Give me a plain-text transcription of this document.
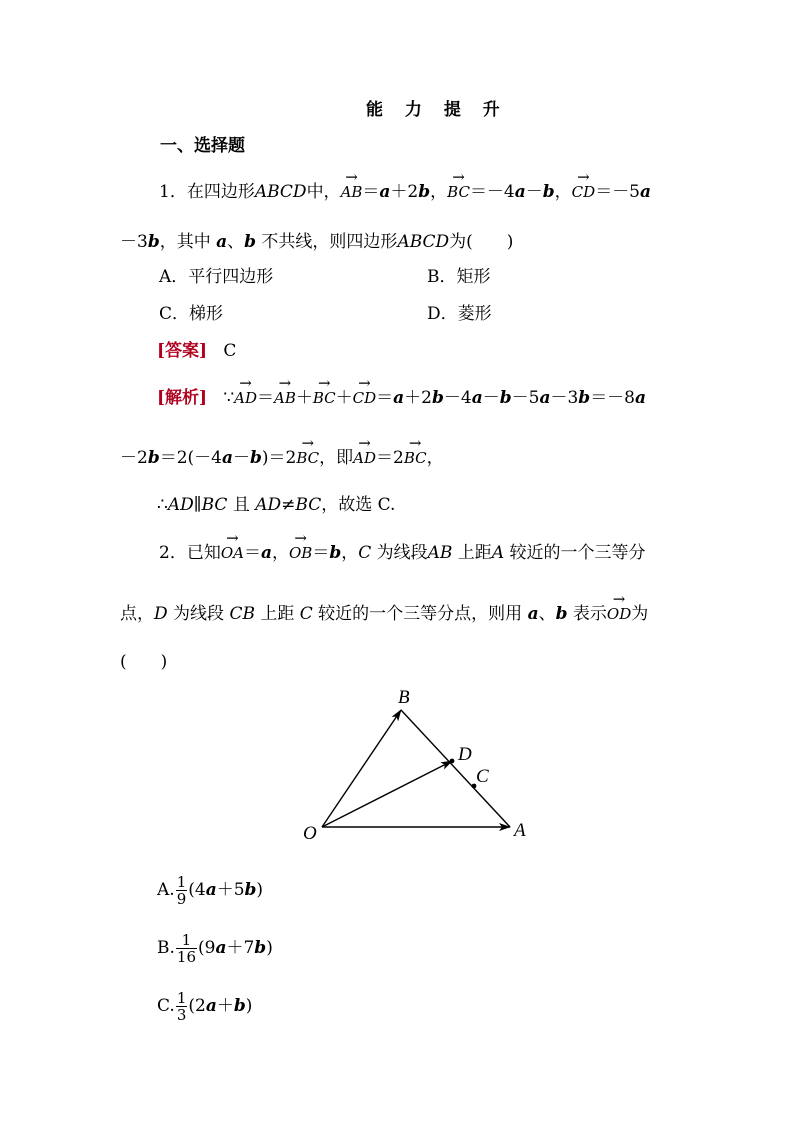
能 力 提 升
一、选择题
1．在四边形ABCD中，→ AB＝a＋2b，→ BC＝－4a－b，→ CD＝－5a
－3b，其中 a、b 不共线，则四边形ABCD为(　　)
A．平行四边形	B．矩形
C．梯形	D．菱形
[答案] C
[解析] ∵→ AD＝→ AB＋→ BC＋→ CD＝a＋2b－4a－b－5a－3b＝－8a
－2b＝2(－4a－b)＝2→ BC，即→ AD＝2→ BC，
∴AD∥BC 且 AD≠BC，故选 C.
2．已知→ OA＝a，→ OB＝b，C 为线段AB 上距A 较近的一个三等分
点，D 为线段 CB 上距 C 较近的一个三等分点，则用 a、b 表示→ OD为
(　　)
B
D
C
O	A
A. $\frac{1}{9} (4a+5b)$
B. $\frac{1}{16} (9a+7b)$
C. $\frac{1}{3} (2a+b)$
